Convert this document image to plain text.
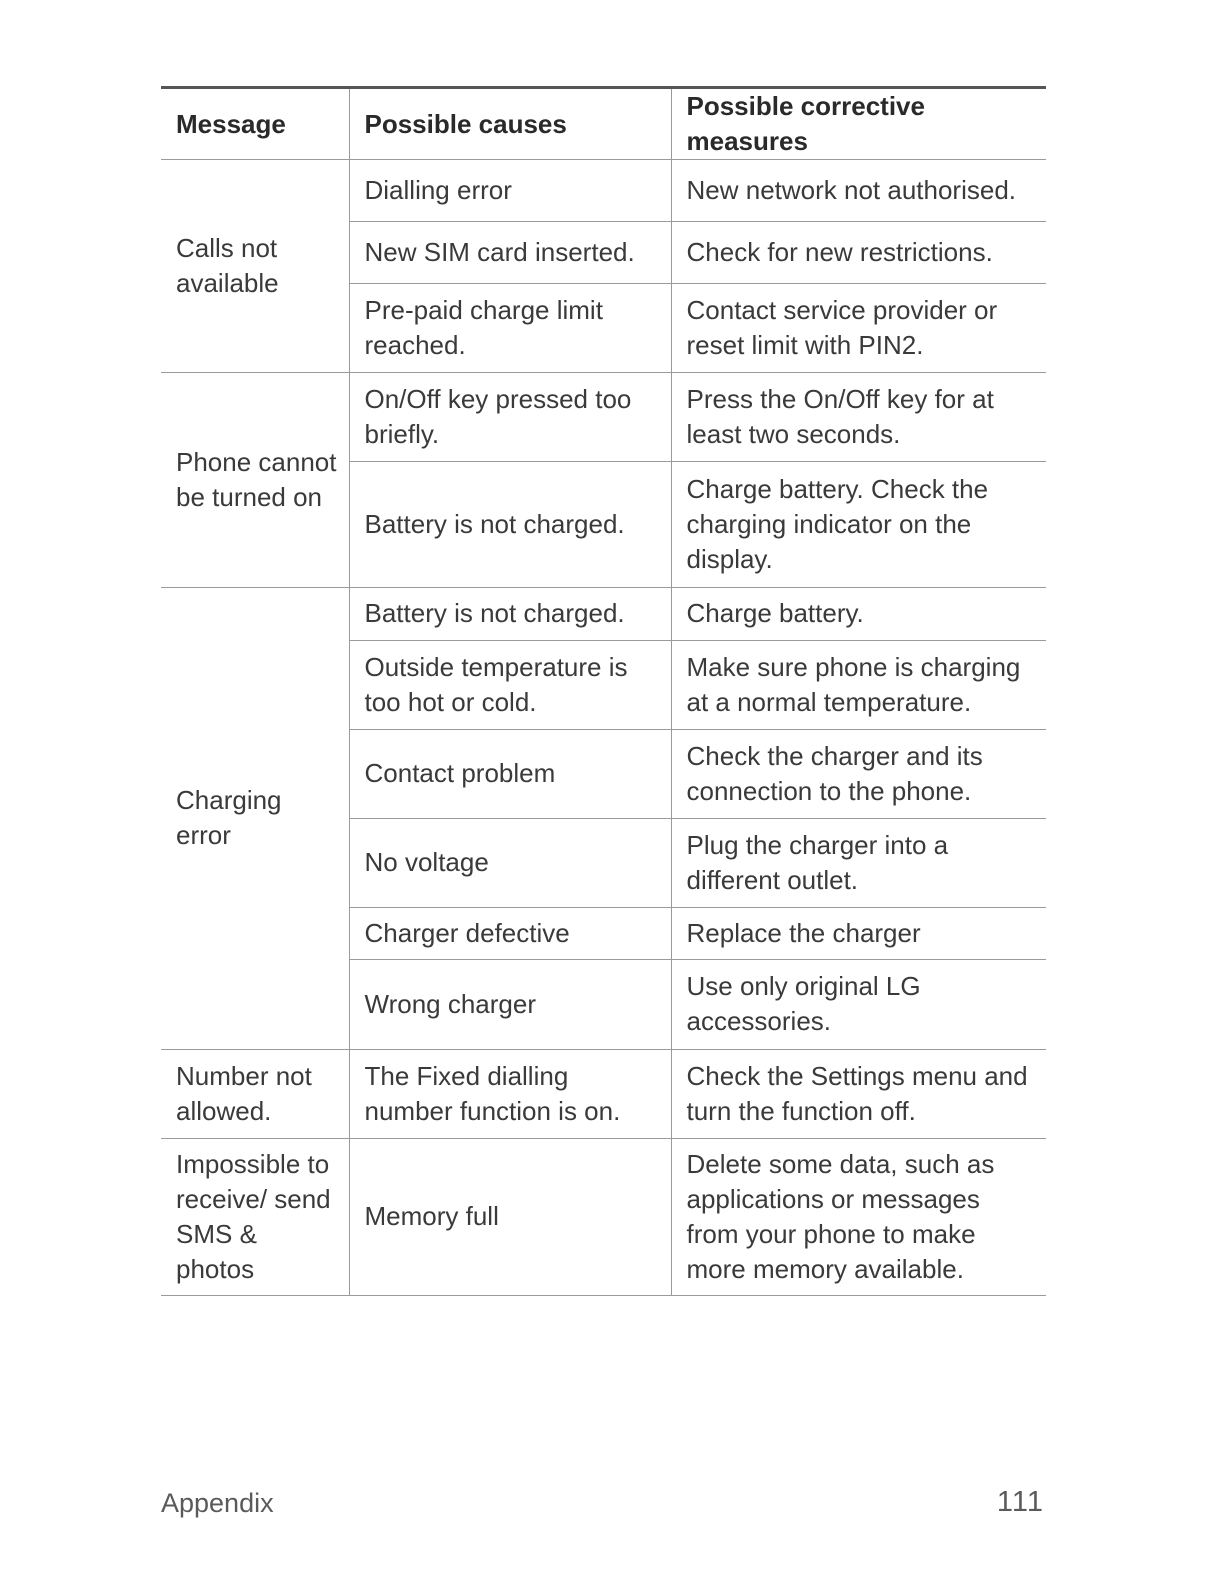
Message	Possible causes	Possible corrective measures
Calls not available	Dialling error	New network not authorised.
	New SIM card inserted.	Check for new restrictions.
	Pre-paid charge limit reached.	Contact service provider or reset limit with PIN2.
Phone cannot be turned on	On/Off key pressed too briefly.	Press the On/Off key for at least two seconds.
	Battery is not charged.	Charge battery. Check the charging indicator on the display.
Charging error	Battery is not charged.	Charge battery.
	Outside temperature is too hot or cold.	Make sure phone is charging at a normal temperature.
	Contact problem	Check the charger and its connection to the phone.
	No voltage	Plug the charger into a different outlet.
	Charger defective	Replace the charger
	Wrong charger	Use only original LG accessories.
Number not allowed.	The Fixed dialling number function is on.	Check the Settings menu and turn the function off.
Impossible to receive/ send SMS & photos	Memory full	Delete some data, such as applications or messages from your phone to make more memory available.
Appendix	111
